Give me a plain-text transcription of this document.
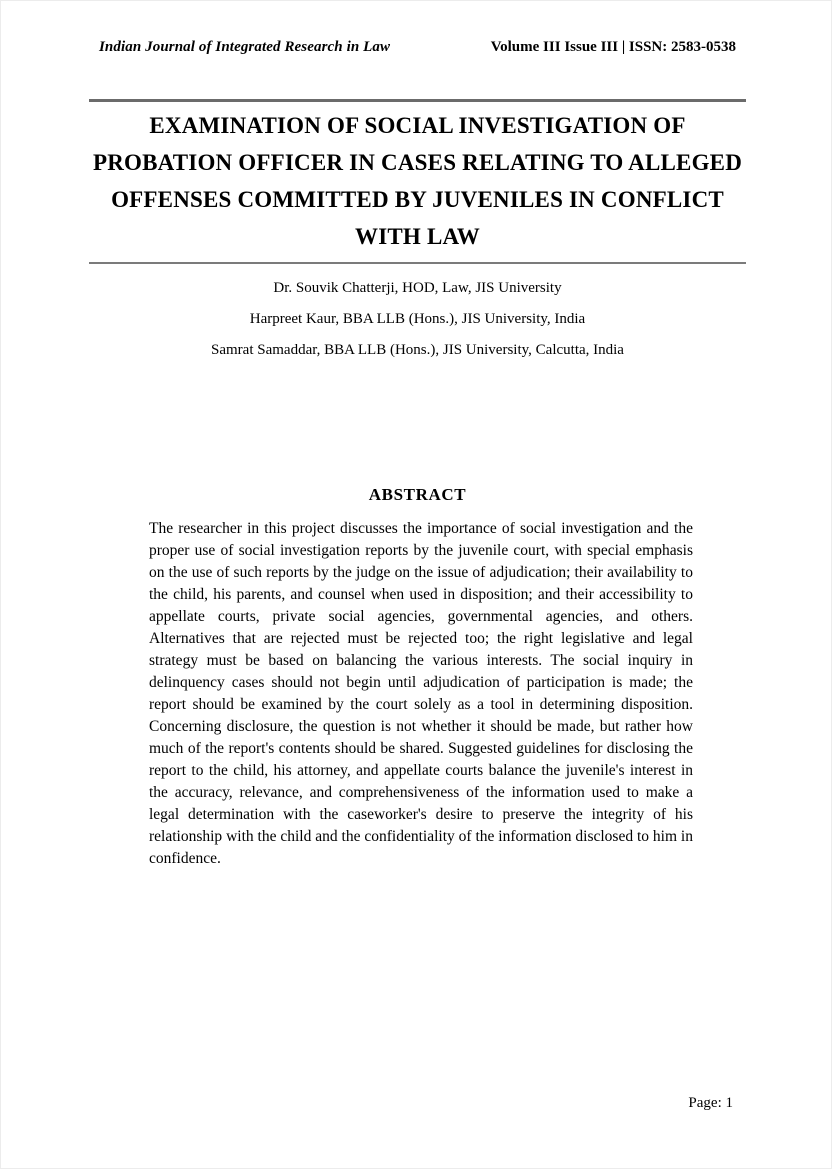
Indian Journal of Integrated Research in Law	Volume III Issue III | ISSN: 2583-0538
EXAMINATION OF SOCIAL INVESTIGATION OF
PROBATION OFFICER IN CASES RELATING TO ALLEGED
OFFENSES COMMITTED BY JUVENILES IN CONFLICT
WITH LAW

Dr. Souvik Chatterji, HOD, Law, JIS University

Harpreet Kaur, BBA LLB (Hons.), JIS University, India

Samrat Samaddar, BBA LLB (Hons.), JIS University, Calcutta, India

ABSTRACT

The researcher in this project discusses the importance of social investigation and the proper use of social investigation reports by the juvenile court, with special emphasis on the use of such reports by the judge on the issue of adjudication; their availability to the child, his parents, and counsel when used in disposition; and their accessibility to appellate courts, private social agencies, governmental agencies, and others. Alternatives that are rejected must be rejected too; the right legislative and legal strategy must be based on balancing the various interests. The social inquiry in delinquency cases should not begin until adjudication of participation is made; the report should be examined by the court solely as a tool in determining disposition. Concerning disclosure, the question is not whether it should be made, but rather how much of the report's contents should be shared. Suggested guidelines for disclosing the report to the child, his attorney, and appellate courts balance the juvenile's interest in the accuracy, relevance, and comprehensiveness of the information used to make a legal determination with the caseworker's desire to preserve the integrity of his relationship with the child and the confidentiality of the information disclosed to him in confidence.

Page: 1
